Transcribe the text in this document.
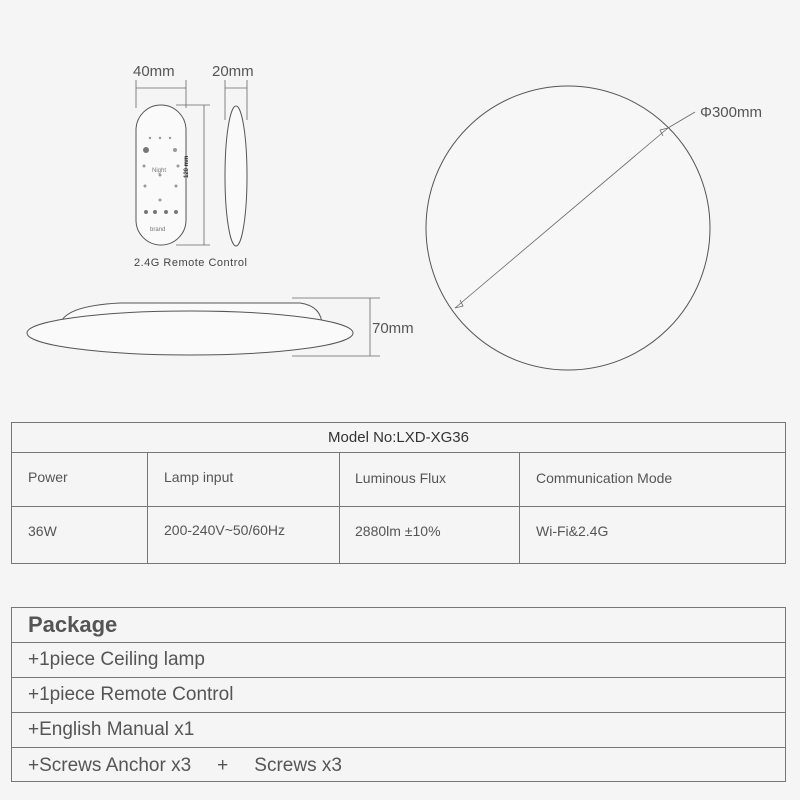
40mm 20mm
120 mm
Night
brand
2.4G Remote Control
70mm
Φ300mm
Model No:LXD-XG36
Power	Lamp input	Luminous Flux	Communication Mode
36W	200-240V~50/60Hz	2880lm ±10%	Wi-Fi&2.4G
Package
+1piece Ceiling lamp
+1piece Remote Control
+English Manual x1
+Screws Anchor x3 + Screws x3
